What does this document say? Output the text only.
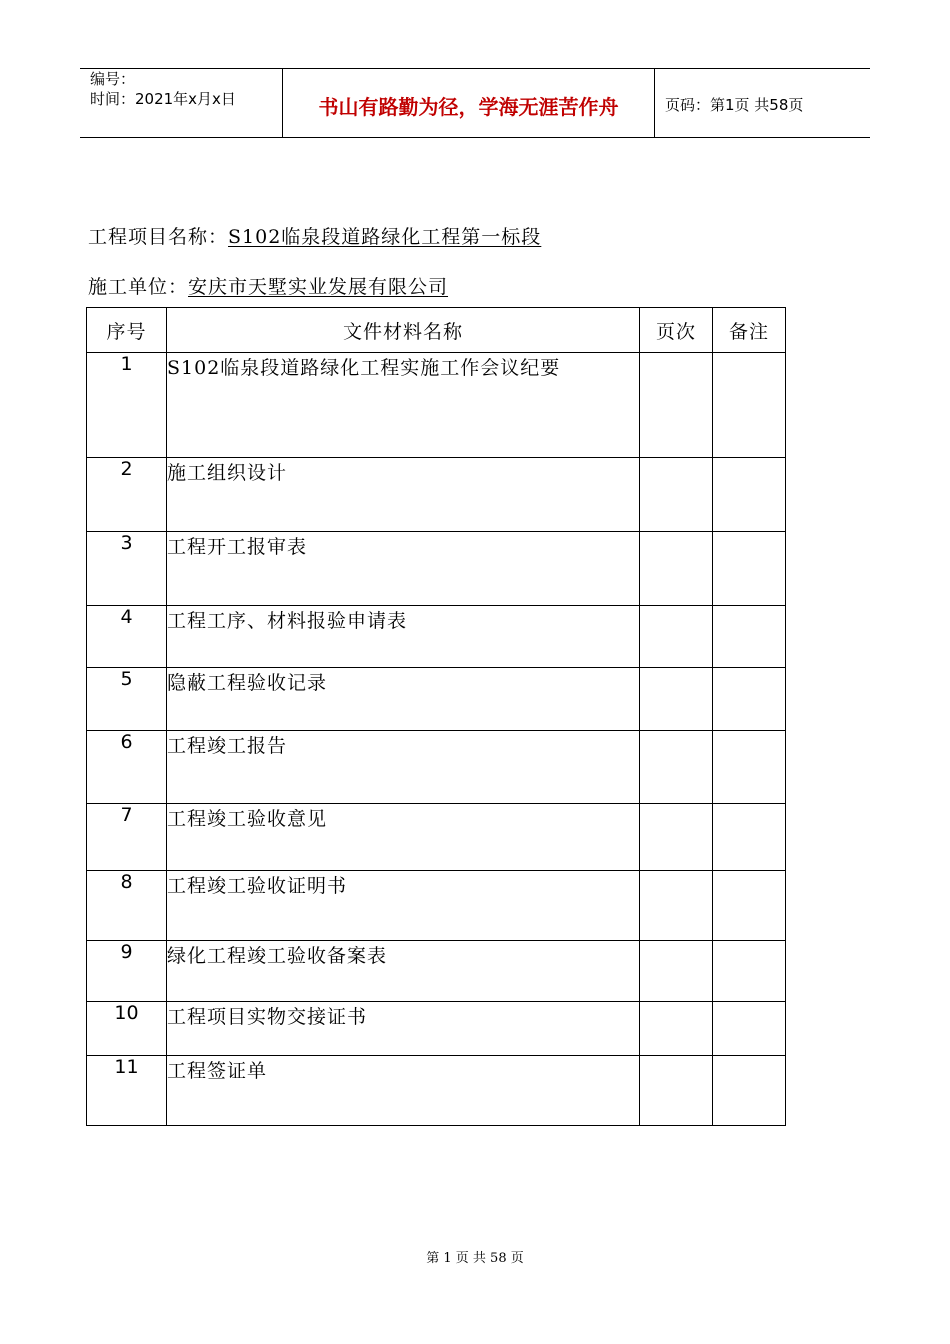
编号：
时间：2021年x月x日	书山有路勤为径，学海无涯苦作舟	页码：第1页 共58页
工程项目名称：S102临泉段道路绿化工程第一标段
施工单位：安庆市天墅实业发展有限公司
序号	文件材料名称	页次	备注
1	S102临泉段道路绿化工程实施工作会议纪要		
2	施工组织设计		
3	工程开工报审表		
4	工程工序、材料报验申请表		
5	隐蔽工程验收记录		
6	工程竣工报告		
7	工程竣工验收意见		
8	工程竣工验收证明书		
9	绿化工程竣工验收备案表		
10	工程项目实物交接证书		
11	工程签证单		
第 1 页 共 58 页
